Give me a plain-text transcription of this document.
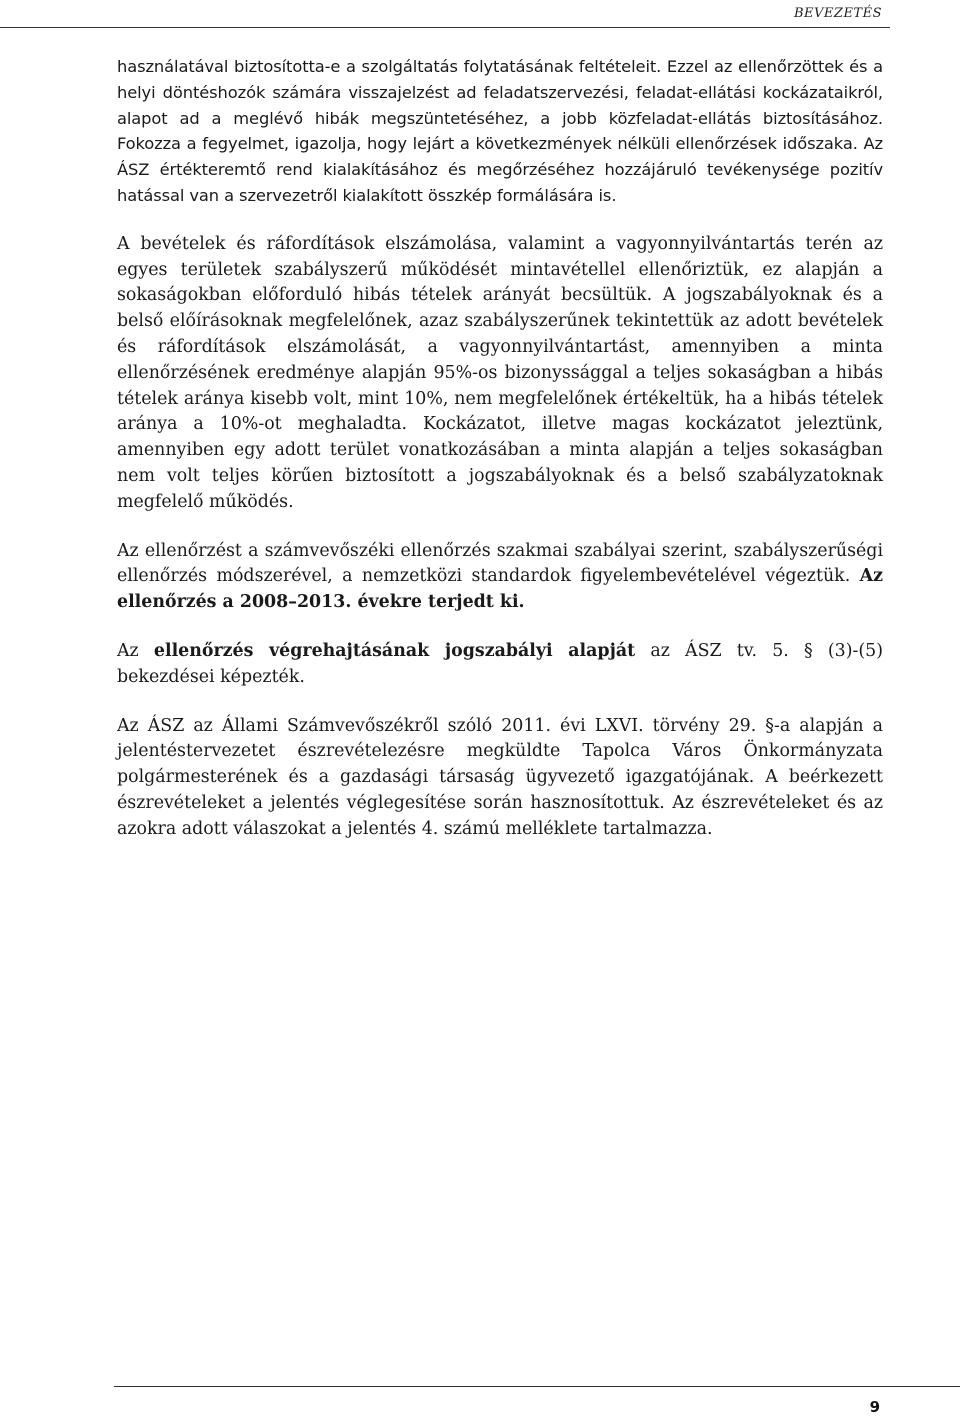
BEVEZETÉS

használatával biztosította-e a szolgáltatás folytatásának feltételeit. Ezzel az ellenőrzöttek és a helyi döntéshozók számára visszajelzést ad feladatszervezési, feladat-ellátási kockázataikról, alapot ad a meglévő hibák megszüntetéséhez, a jobb közfeladat-ellátás biztosításához. Fokozza a fegyelmet, igazolja, hogy lejárt a következmények nélküli ellenőrzések időszaka. Az ÁSZ értékteremtő rend kialakításához és megőrzéséhez hozzájáruló tevékenysége pozitív hatással van a szervezetről kialakított összkép formálására is.

A bevételek és ráfordítások elszámolása, valamint a vagyonnyilvántartás terén az egyes területek szabályszerű működését mintavétellel ellenőriztük, ez alapján a sokaságokban előforduló hibás tételek arányát becsültük. A jogszabályoknak és a belső előírásoknak megfelelőnek, azaz szabályszerűnek tekintettük az adott bevételek és ráfordítások elszámolását, a vagyonnyilvántartást, amennyiben a minta ellenőrzésének eredménye alapján 95%-os bizonyssággal a teljes sokaságban a hibás tételek aránya kisebb volt, mint 10%, nem megfelelőnek értékeltük, ha a hibás tételek aránya a 10%-ot meghaladta. Kockázatot, illetve magas kockázatot jeleztünk, amennyiben egy adott terület vonatkozásában a minta alapján a teljes sokaságban nem volt teljes körűen biztosított a jogszabályoknak és a belső szabályzatoknak megfelelő működés.

Az ellenőrzést a számvevőszéki ellenőrzés szakmai szabályai szerint, szabályszerűségi ellenőrzés módszerével, a nemzetközi standardok figyelembevételével végeztük. Az ellenőrzés a 2008–2013. évekre terjedt ki.

Az ellenőrzés végrehajtásának jogszabályi alapját az ÁSZ tv. 5. § (3)-(5) bekezdései képezték.

Az ÁSZ az Állami Számvevőszékről szóló 2011. évi LXVI. törvény 29. §-a alapján a jelentéstervezetet észrevételezésre megküldte Tapolca Város Önkormányzata polgármesterének és a gazdasági társaság ügyvezető igazgatójának. A beérkezett észrevételeket a jelentés véglegesítése során hasznosítottuk. Az észrevételeket és az azokra adott válaszokat a jelentés 4. számú melléklete tartalmazza.

9
